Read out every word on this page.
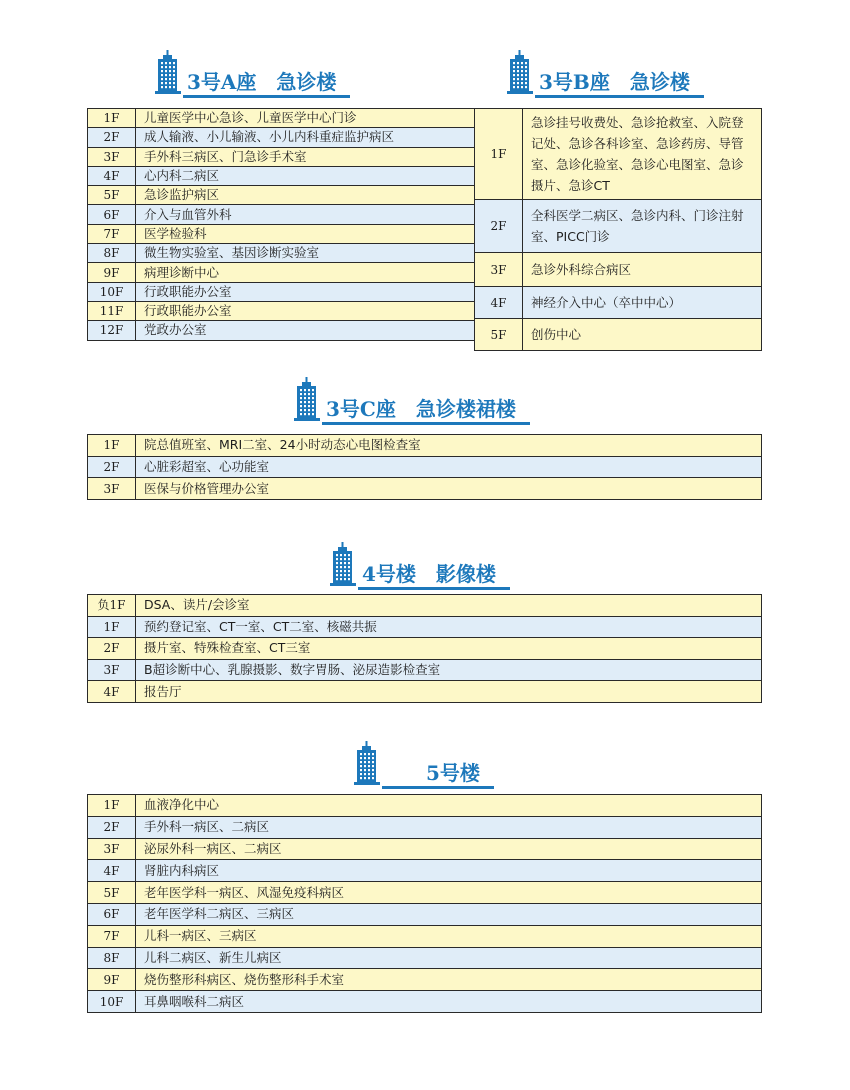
3号A座　急诊楼	3号B座　急诊楼
3号C座　急诊楼裙楼
4号楼　影像楼
　　5号楼
1F	儿童医学中心急诊、儿童医学中心门诊
2F	成人输液、小儿输液、小儿内科重症监护病区
3F	手外科三病区、门急诊手术室
4F	心内科二病区
5F	急诊监护病区
6F	介入与血管外科
7F	医学检验科
8F	微生物实验室、基因诊断实验室
9F	病理诊断中心
10F	行政职能办公室
11F	行政职能办公室
12F	党政办公室
1F	急诊挂号收费处、急诊抢救室、入院登记处、急诊各科诊室、急诊药房、导管室、急诊化验室、急诊心电图室、急诊摄片、急诊CT
2F	全科医学二病区、急诊内科、门诊注射室、PICC门诊
3F	急诊外科综合病区
4F	神经介入中心（卒中中心）
5F	创伤中心
1F	院总值班室、MRI二室、24小时动态心电图检查室
2F	心脏彩超室、心功能室
3F	医保与价格管理办公室
负1F	DSA、读片/会诊室
1F	预约登记室、CT一室、CT二室、核磁共振
2F	摄片室、特殊检查室、CT三室
3F	B超诊断中心、乳腺摄影、数字胃肠、泌尿造影检查室
4F	报告厅
1F	血液净化中心
2F	手外科一病区、二病区
3F	泌尿外科一病区、二病区
4F	肾脏内科病区
5F	老年医学科一病区、风湿免疫科病区
6F	老年医学科二病区、三病区
7F	儿科一病区、三病区
8F	儿科二病区、新生儿病区
9F	烧伤整形科病区、烧伤整形科手术室
10F	耳鼻咽喉科二病区
